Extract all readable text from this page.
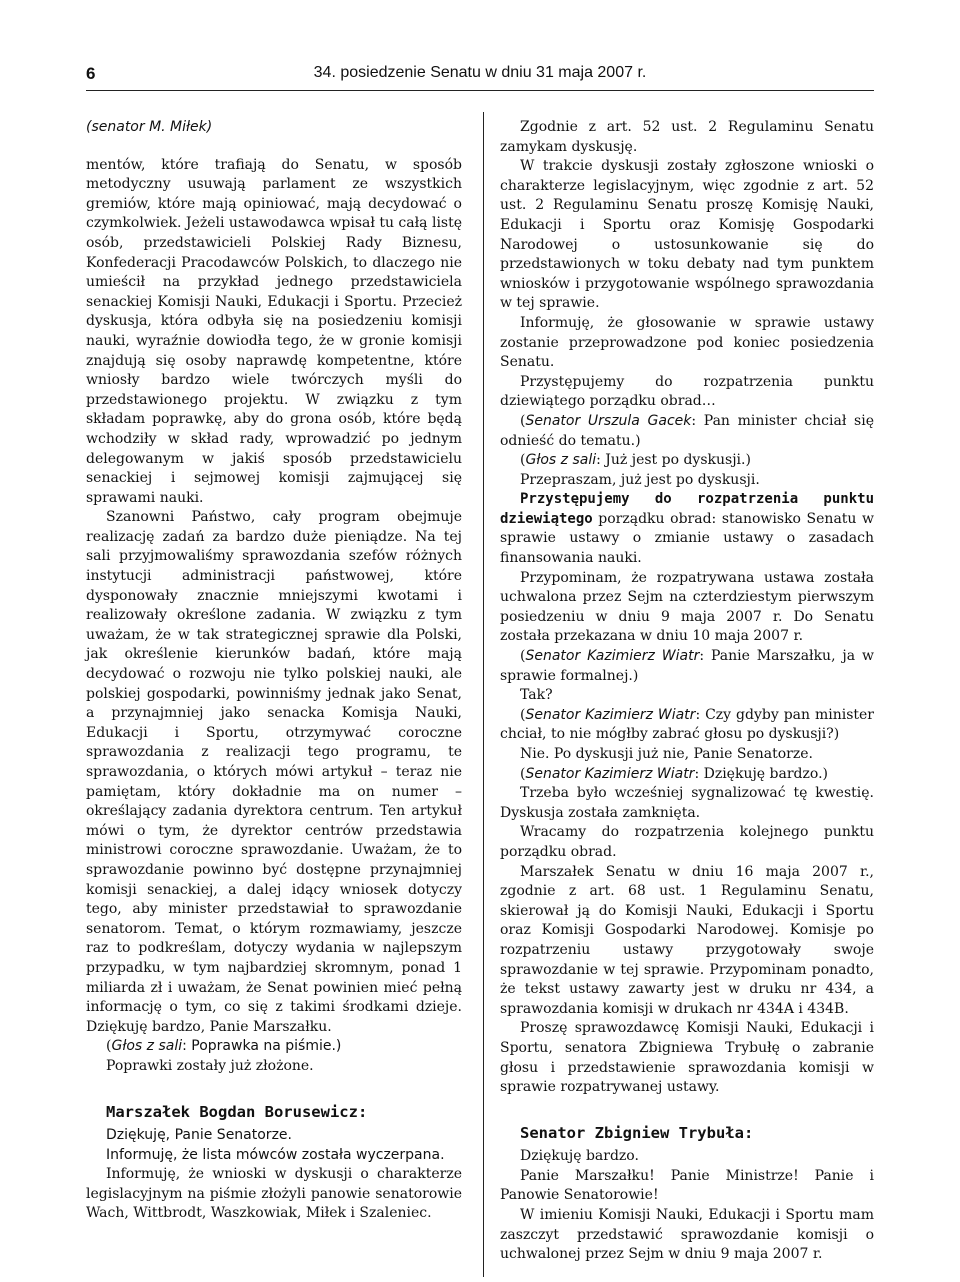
6	34. posiedzenie Senatu w dniu 31 maja 2007 r.

(senator M. Miłek)

mentów, które trafiają do Senatu, w sposób metodyczny usuwają parlament ze wszystkich gremiów, które mają opiniować, mają decydować o czymkolwiek. Jeżeli ustawodawca wpisał tu całą listę osób, przedstawicieli Polskiej Rady Biznesu, Konfederacji Pracodawców Polskich, to dlaczego nie umieścił na przykład jednego przedstawiciela senackiej Komisji Nauki, Edukacji i Sportu. Przecież dyskusja, która odbyła się na posiedzeniu komisji nauki, wyraźnie dowiodła tego, że w gronie komisji znajdują się osoby naprawdę kompetentne, które wniosły bardzo wiele twórczych myśli do przedstawionego projektu. W związku z tym składam poprawkę, aby do grona osób, które będą wchodziły w skład rady, wprowadzić po jednym delegowanym w jakiś sposób przedstawicielu senackiej i sejmowej komisji zajmującej się sprawami nauki.

Szanowni Państwo, cały program obejmuje realizację zadań za bardzo duże pieniądze. Na tej sali przyjmowaliśmy sprawozdania szefów różnych instytucji administracji państwowej, które dysponowały znacznie mniejszymi kwotami i realizowały określone zadania. W związku z tym uważam, że w tak strategicznej sprawie dla Polski, jak określenie kierunków badań, które mają decydować o rozwoju nie tylko polskiej nauki, ale polskiej gospodarki, powinniśmy jednak jako Senat, a przynajmniej jako senacka Komisja Nauki, Edukacji i Sportu, otrzymywać coroczne sprawozdania z realizacji tego programu, te sprawozdania, o których mówi artykuł – teraz nie pamiętam, który dokładnie ma on numer – określający zadania dyrektora centrum. Ten artykuł mówi o tym, że dyrektor centrów przedstawia ministrowi coroczne sprawozdanie. Uważam, że to sprawozdanie powinno być dostępne przynajmniej komisji senackiej, a dalej idący wniosek dotyczy tego, aby minister przedstawiał to sprawozdanie senatorom. Temat, o którym rozmawiamy, jeszcze raz to podkreślam, dotyczy wydania w najlepszym przypadku, w tym najbardziej skromnym, ponad 1 miliarda zł i uważam, że Senat powinien mieć pełną informację o tym, co się z takimi środkami dzieje. Dziękuję bardzo, Panie Marszałku.

(Głos z sali: Poprawka na piśmie.)

Poprawki zostały już złożone.

Marszałek Bogdan Borusewicz:

Dziękuję, Panie Senatorze.

Informuję, że lista mówców została wyczerpana.

Informuję, że wnioski w dyskusji o charakterze legislacyjnym na piśmie złożyli panowie senatorowie Wach, Wittbrodt, Waszkowiak, Miłek i Szaleniec.

Zgodnie z art. 52 ust. 2 Regulaminu Senatu zamykam dyskusję.

W trakcie dyskusji zostały zgłoszone wnioski o charakterze legislacyjnym, więc zgodnie z art. 52 ust. 2 Regulaminu Senatu proszę Komisję Nauki, Edukacji i Sportu oraz Komisję Gospodarki Narodowej o ustosunkowanie się do przedstawionych w toku debaty nad tym punktem wniosków i przygotowanie wspólnego sprawozdania w tej sprawie.

Informuję, że głosowanie w sprawie ustawy zostanie przeprowadzone pod koniec posiedzenia Senatu.

Przystępujemy do rozpatrzenia punktu dziewiątego porządku obrad…

(Senator Urszula Gacek: Pan minister chciał się odnieść do tematu.)

(Głos z sali: Już jest po dyskusji.)

Przepraszam, już jest po dyskusji.

Przystępujemy do rozpatrzenia punktu dziewiątego porządku obrad: stanowisko Senatu w sprawie ustawy o zmianie ustawy o zasadach finansowania nauki.

Przypominam, że rozpatrywana ustawa została uchwalona przez Sejm na czterdziestym pierwszym posiedzeniu w dniu 9 maja 2007 r. Do Senatu została przekazana w dniu 10 maja 2007 r.

(Senator Kazimierz Wiatr: Panie Marszałku, ja w sprawie formalnej.)

Tak?

(Senator Kazimierz Wiatr: Czy gdyby pan minister chciał, to nie mógłby zabrać głosu po dyskusji?)

Nie. Po dyskusji już nie, Panie Senatorze.

(Senator Kazimierz Wiatr: Dziękuję bardzo.)

Trzeba było wcześniej sygnalizować tę kwestię. Dyskusja została zamknięta.

Wracamy do rozpatrzenia kolejnego punktu porządku obrad.

Marszałek Senatu w dniu 16 maja 2007 r., zgodnie z art. 68 ust. 1 Regulaminu Senatu, skierował ją do Komisji Nauki, Edukacji i Sportu oraz Komisji Gospodarki Narodowej. Komisje po rozpatrzeniu ustawy przygotowały swoje sprawozdanie w tej sprawie. Przypominam ponadto, że tekst ustawy zawarty jest w druku nr 434, a sprawozdania komisji w drukach nr 434A i 434B.

Proszę sprawozdawcę Komisji Nauki, Edukacji i Sportu, senatora Zbigniewa Trybułę o zabranie głosu i przedstawienie sprawozdania komisji w sprawie rozpatrywanej ustawy.

Senator Zbigniew Trybuła:

Dziękuję bardzo.

Panie Marszałku! Panie Ministrze! Panie i Panowie Senatorowie!

W imieniu Komisji Nauki, Edukacji i Sportu mam zaszczyt przedstawić sprawozdanie komisji o uchwalonej przez Sejm w dniu 9 maja 2007 r.
